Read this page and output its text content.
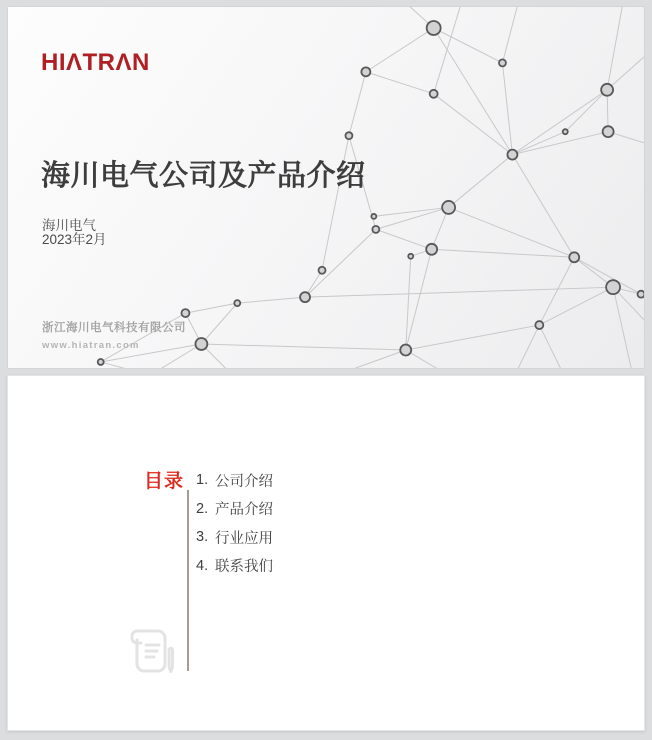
HIΛTRΛN
海川电气公司及产品介绍
海川电气
2023年2月
浙江海川电气科技有限公司
www.hiatran.com
目录 1. 公司介绍
2. 产品介绍
3. 行业应用
4. 联系我们
